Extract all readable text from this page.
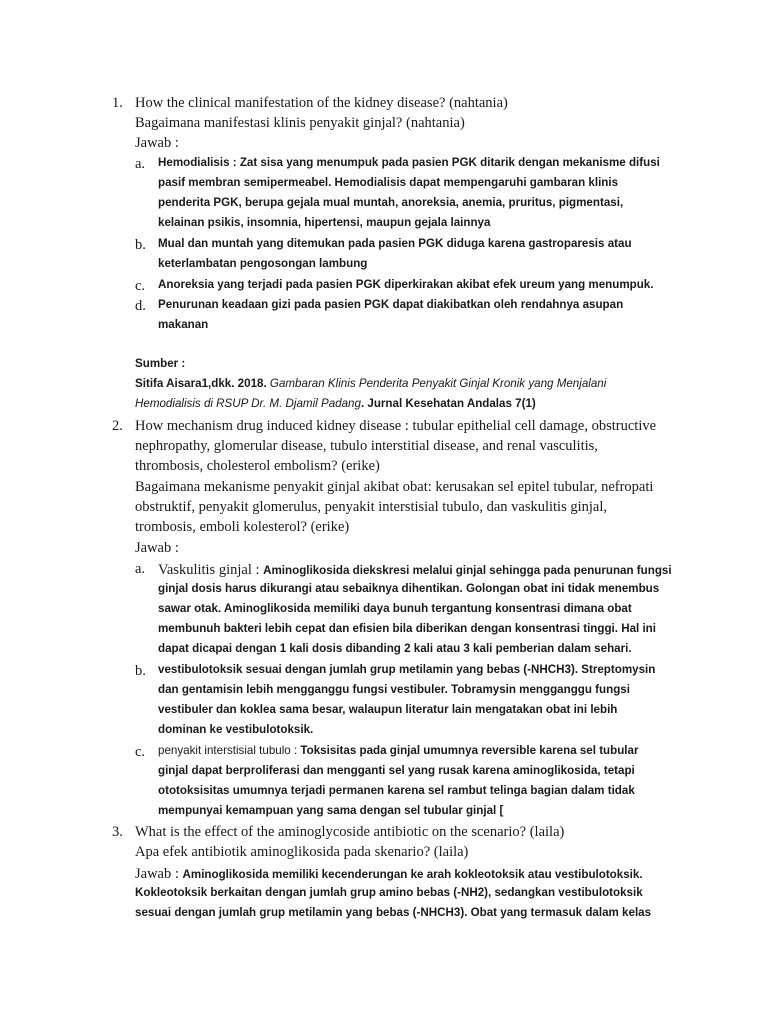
1. How the clinical manifestation of the kidney disease? (nahtania)
Bagaimana manifestasi klinis penyakit ginjal? (nahtania)
Jawab :
a. Hemodialisis : Zat sisa yang menumpuk pada pasien PGK ditarik dengan mekanisme difusi
pasif membran semipermeabel. Hemodialisis dapat mempengaruhi gambaran klinis
penderita PGK, berupa gejala mual muntah, anoreksia, anemia, pruritus, pigmentasi,
kelainan psikis, insomnia, hipertensi, maupun gejala lainnya
b. Mual dan muntah yang ditemukan pada pasien PGK diduga karena gastroparesis atau
keterlambatan pengosongan lambung
c. Anoreksia yang terjadi pada pasien PGK diperkirakan akibat efek ureum yang menumpuk.
d. Penurunan keadaan gizi pada pasien PGK dapat diakibatkan oleh rendahnya asupan
makanan
Sumber :
Sitifa Aisara1,dkk. 2018. Gambaran Klinis Penderita Penyakit Ginjal Kronik yang Menjalani
Hemodialisis di RSUP Dr. M. Djamil Padang. Jurnal Kesehatan Andalas 7(1)
2. How mechanism drug induced kidney disease : tubular epithelial cell damage, obstructive
nephropathy, glomerular disease, tubulo interstitial disease, and renal vasculitis,
thrombosis, cholesterol embolism? (erike)
Bagaimana mekanisme penyakit ginjal akibat obat: kerusakan sel epitel tubular, nefropati
obstruktif, penyakit glomerulus, penyakit interstisial tubulo, dan vaskulitis ginjal,
trombosis, emboli kolesterol? (erike)
Jawab :
a. Vaskulitis ginjal : Aminoglikosida diekskresi melalui ginjal sehingga pada penurunan fungsi
ginjal dosis harus dikurangi atau sebaiknya dihentikan. Golongan obat ini tidak menembus
sawar otak. Aminoglikosida memiliki daya bunuh tergantung konsentrasi dimana obat
membunuh bakteri lebih cepat dan efisien bila diberikan dengan konsentrasi tinggi. Hal ini
dapat dicapai dengan 1 kali dosis dibanding 2 kali atau 3 kali pemberian dalam sehari.
b. vestibulotoksik sesuai dengan jumlah grup metilamin yang bebas (-NHCH3). Streptomysin
dan gentamisin lebih mengganggu fungsi vestibuler. Tobramysin mengganggu fungsi
vestibuler dan koklea sama besar, walaupun literatur lain mengatakan obat ini lebih
dominan ke vestibulotoksik.
c. penyakit interstisial tubulo : Toksisitas pada ginjal umumnya reversible karena sel tubular
ginjal dapat berproliferasi dan mengganti sel yang rusak karena aminoglikosida, tetapi
ototoksisitas umumnya terjadi permanen karena sel rambut telinga bagian dalam tidak
mempunyai kemampuan yang sama dengan sel tubular ginjal [
3. What is the effect of the aminoglycoside antibiotic on the scenario? (laila)
Apa efek antibiotik aminoglikosida pada skenario? (laila)
Jawab : Aminoglikosida memiliki kecenderungan ke arah kokleotoksik atau vestibulotoksik.
Kokleotoksik berkaitan dengan jumlah grup amino bebas (-NH2), sedangkan vestibulotoksik
sesuai dengan jumlah grup metilamin yang bebas (-NHCH3). Obat yang termasuk dalam kelas
